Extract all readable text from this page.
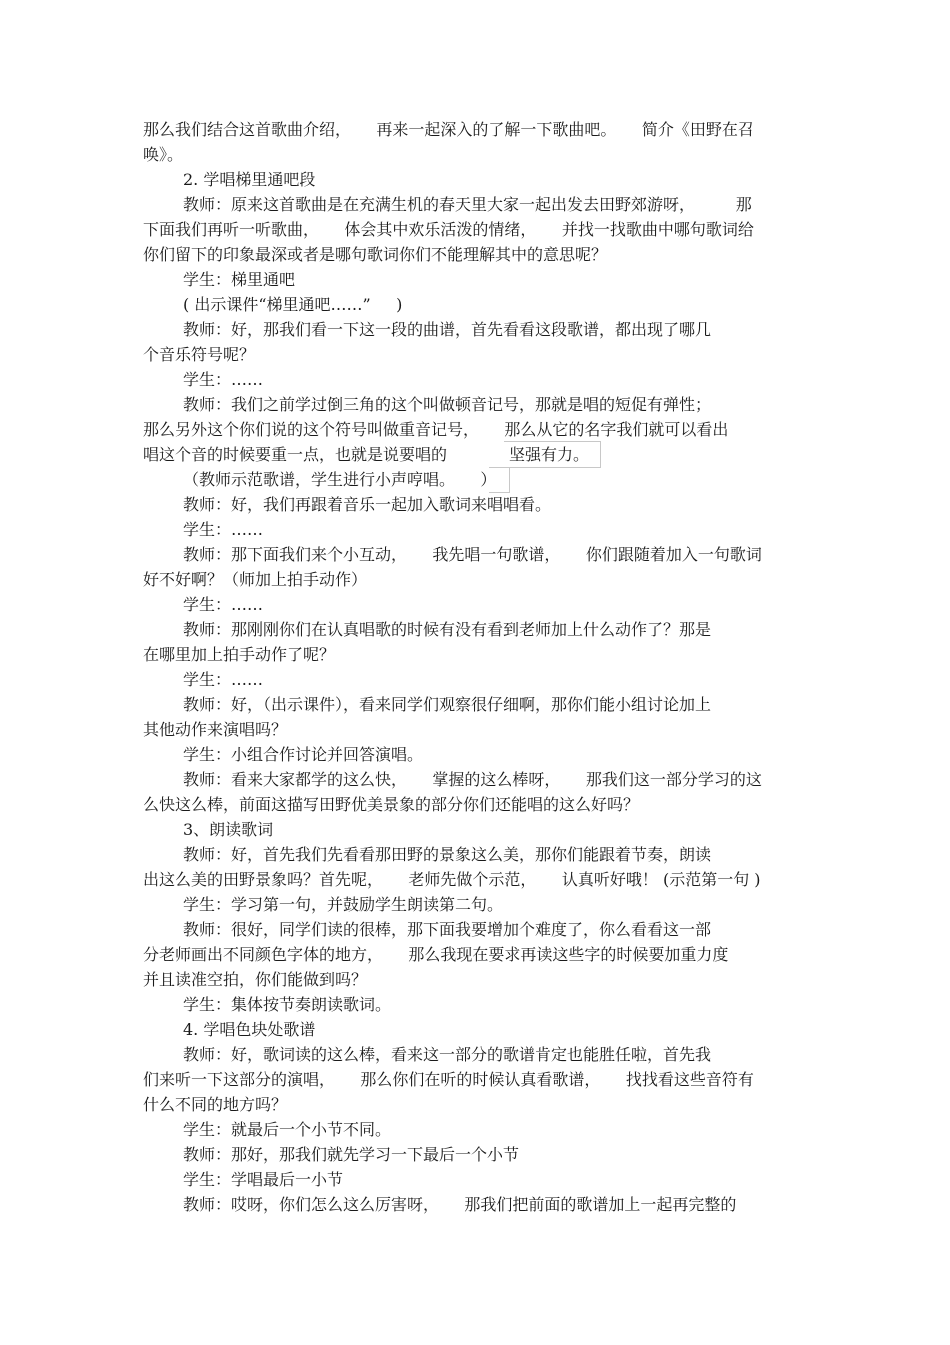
那么我们结合这首歌曲介绍，     再来一起深入的了解一下歌曲吧。     简介《田野在召
唤》。
2. 学唱梯里通吧段
教师：原来这首歌曲是在充满生机的春天里大家一起出发去田野郊游呀，        那
下面我们再听一听歌曲，     体会其中欢乐活泼的情绪，     并找一找歌曲中哪句歌词给
你们留下的印象最深或者是哪句歌词你们不能理解其中的意思呢？
学生：梯里通吧
( 出示课件“梯里通吧……”     )
教师：好，那我们看一下这一段的曲谱，首先看看这段歌谱，都出现了哪几
个音乐符号呢？
学生：……
教师：我们之前学过倒三角的这个叫做顿音记号，那就是唱的短促有弹性；
那么另外这个你们说的这个符号叫做重音记号，     那么从它的名字我们就可以看出
唱这个音的时候要重一点，也就是说要唱的	坚强有力。
（教师示范歌谱，学生进行小声哼唱。     ）
教师：好，我们再跟着音乐一起加入歌词来唱唱看。
学生：……
教师：那下面我们来个小互动，     我先唱一句歌谱，     你们跟随着加入一句歌词
好不好啊？（师加上拍手动作）
学生：……
教师：那刚刚你们在认真唱歌的时候有没有看到老师加上什么动作了？那是
在哪里加上拍手动作了呢？
学生：……
教师：好，（出示课件），看来同学们观察很仔细啊，那你们能小组讨论加上
其他动作来演唱吗？
学生：小组合作讨论并回答演唱。
教师：看来大家都学的这么快，     掌握的这么棒呀，     那我们这一部分学习的这
么快这么棒，前面这描写田野优美景象的部分你们还能唱的这么好吗？
3、朗读歌词
教师：好，首先我们先看看那田野的景象这么美，那你们能跟着节奏，朗读
出这么美的田野景象吗？首先呢，     老师先做个示范，     认真听好哦！ (示范第一句 )
学生：学习第一句，并鼓励学生朗读第二句。
教师：很好，同学们读的很棒，那下面我要增加个难度了，你么看看这一部
分老师画出不同颜色字体的地方，     那么我现在要求再读这些字的时候要加重力度
并且读准空拍，你们能做到吗？
学生：集体按节奏朗读歌词。
4. 学唱色块处歌谱
教师：好，歌词读的这么棒，看来这一部分的歌谱肯定也能胜任啦，首先我
们来听一下这部分的演唱，     那么你们在听的时候认真看歌谱，     找找看这些音符有
什么不同的地方吗？
学生：就最后一个小节不同。
教师：那好，那我们就先学习一下最后一个小节
学生：学唱最后一小节
教师：哎呀，你们怎么这么厉害呀，     那我们把前面的歌谱加上一起再完整的
